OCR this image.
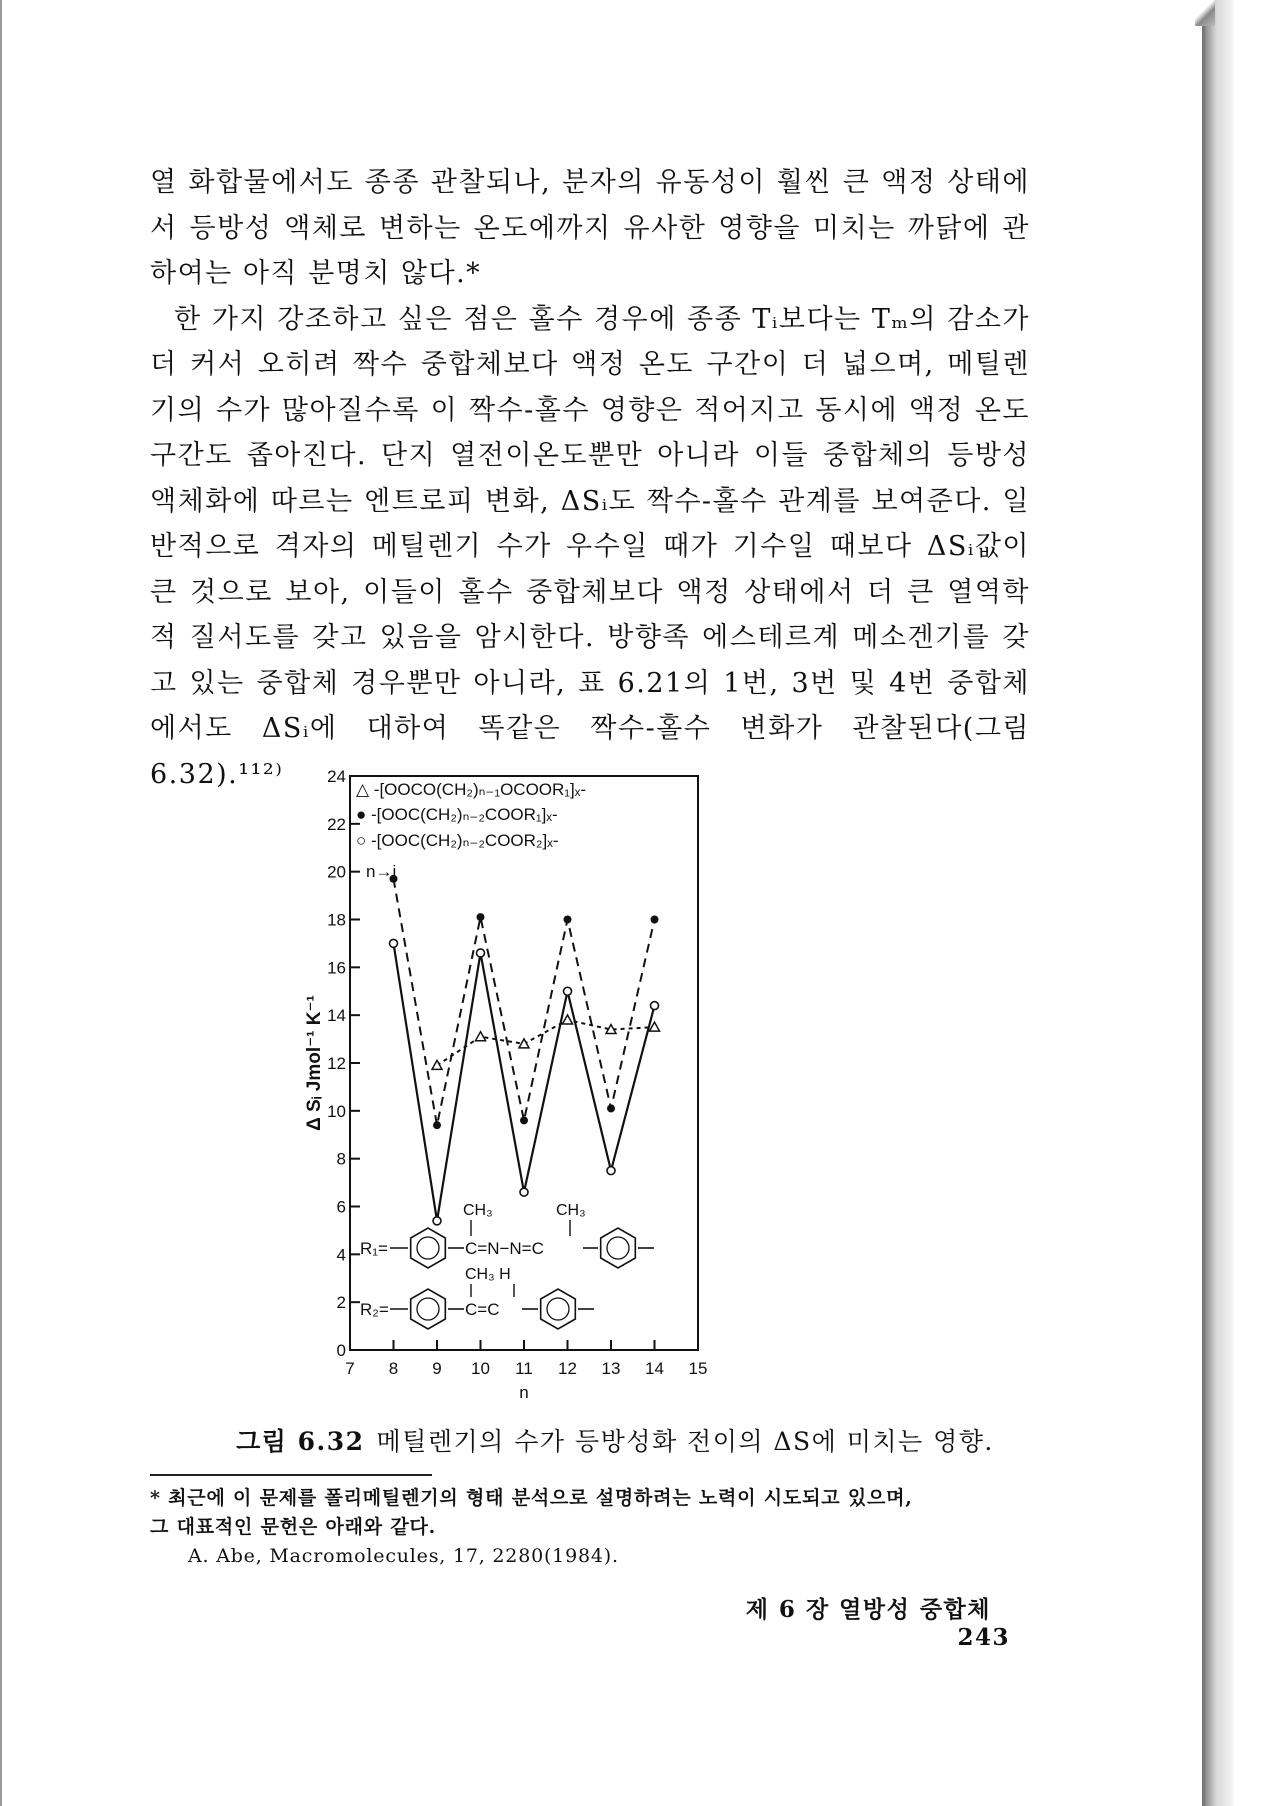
열 화합물에서도 종종 관찰되나, 분자의 유동성이 훨씬 큰 액정 상태에서 등방성 액체로 변하는 온도에까지 유사한 영향을 미치는 까닭에 관하여는 아직 분명치 않다.*

한 가지 강조하고 싶은 점은 홀수 경우에 종종 Tᵢ보다는 Tₘ의 감소가 더 커서 오히려 짝수 중합체보다 액정 온도 구간이 더 넓으며, 메틸렌기의 수가 많아질수록 이 짝수-홀수 영향은 적어지고 동시에 액정 온도 구간도 좁아진다. 단지 열전이온도뿐만 아니라 이들 중합체의 등방성 액체화에 따르는 엔트로피 변화, ΔSᵢ도 짝수-홀수 관계를 보여준다. 일반적으로 격자의 메틸렌기 수가 우수일 때가 기수일 때보다 ΔSᵢ값이 큰 것으로 보아, 이들이 홀수 중합체보다 액정 상태에서 더 큰 열역학적 질서도를 갖고 있음을 암시한다. 방향족 에스테르계 메소겐기를 갖고 있는 중합체 경우뿐만 아니라, 표 6.21의 1번, 3번 및 4번 중합체에서도 ΔSᵢ에 대하여 똑같은 짝수-홀수 변화가 관찰된다(그림 6.32).¹¹²⁾

7 8 9 10 11 12 13 14 15
0
2
4
6
8
10
12
14
16
18
20
22
24
n
Δ Sᵢ Jmol⁻¹ K⁻¹
△ -[OOCO(CH₂)ₙ₋₁OCOOR₁]ₓ-
● -[OOC(CH₂)ₙ₋₂COOR₁]ₓ-
○ -[OOC(CH₂)ₙ₋₂COOR₂]ₓ-
n→i
R₁=
CH₃	CH₃
C=N−N=C
R₂=
CH₃ H
C=C
그림 6.32 메틸렌기의 수가 등방성화 전이의 ΔS에 미치는 영향.
* 최근에 이 문제를 폴리메틸렌기의 형태 분석으로 설명하려는 노력이 시도되고 있으며,
그 대표적인 문헌은 아래와 같다.
A. Abe, Macromolecules, 17, 2280(1984).
제 6 장 열방성 중합체   243
